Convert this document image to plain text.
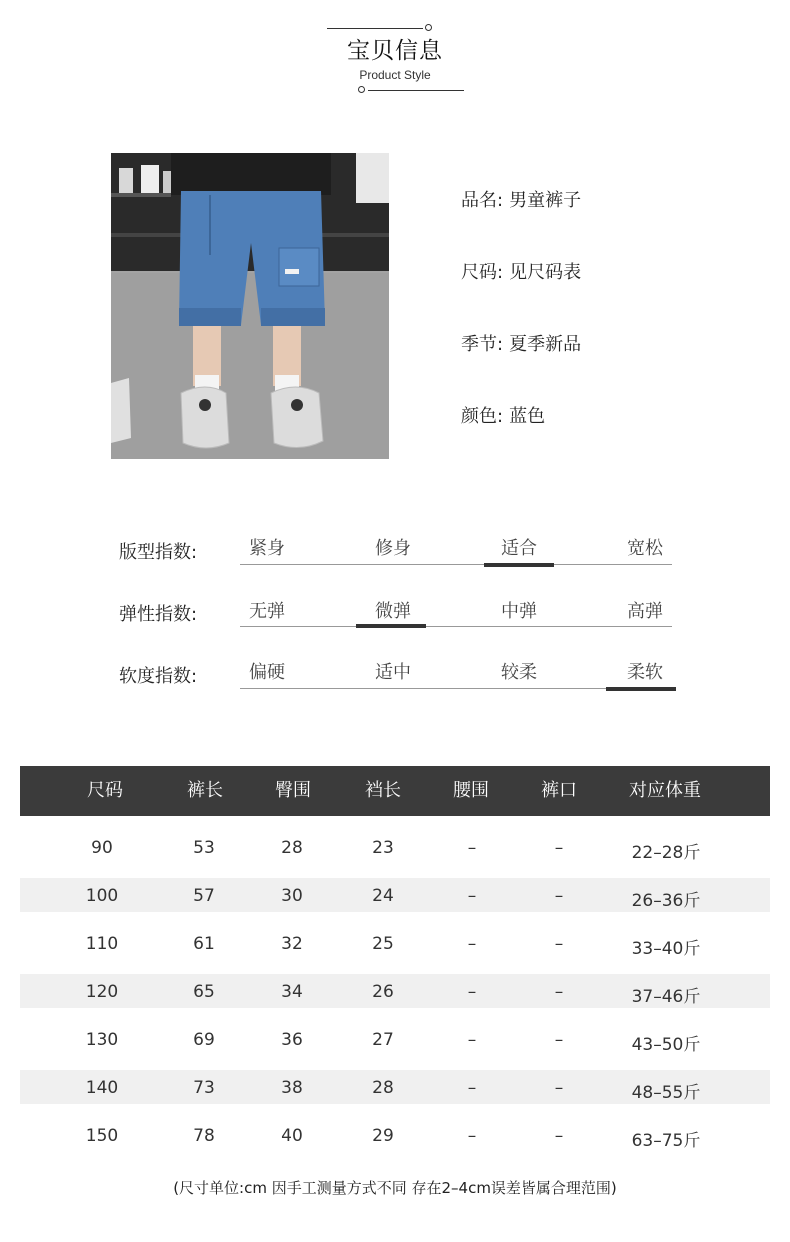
宝贝信息
Product Style
品名: 男童裤子
尺码: 见尺码表
季节: 夏季新品
颜色: 蓝色
版型指数:	紧身	修身	适合	宽松
弹性指数:	无弹	微弹	中弹	高弹
软度指数:	偏硬	适中	较柔	柔软
尺码	裤长	臀围	裆长	腰围	裤口	对应体重
90	53	28	23	–	–	22–28斤
100	57	30	24	–	–	26–36斤
110	61	32	25	–	–	33–40斤
120	65	34	26	–	–	37–46斤
130	69	36	27	–	–	43–50斤
140	73	38	28	–	–	48–55斤
150	78	40	29	–	–	63–75斤
(尺寸单位:cm 因手工测量方式不同 存在2–4cm误差皆属合理范围)
